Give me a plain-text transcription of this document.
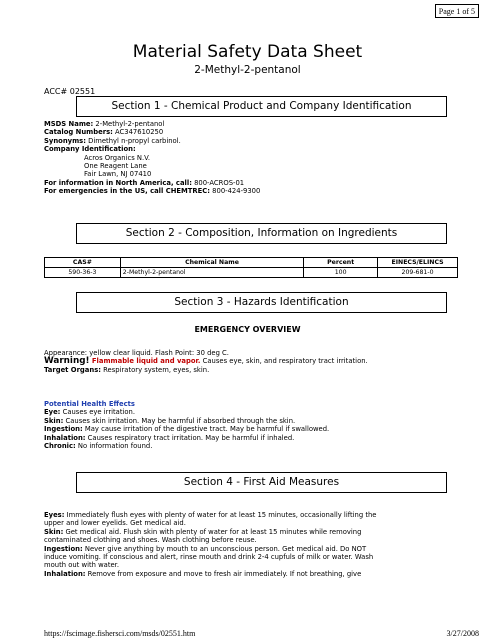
Page 1 of 5
Material Safety Data Sheet
2-Methyl-2-pentanol
ACC# 02551
Section 1 - Chemical Product and Company Identification
MSDS Name: 2-Methyl-2-pentanol
Catalog Numbers: AC347610250
Synonyms: Dimethyl n-propyl carbinol.
Company Identification:
Acros Organics N.V.
One Reagent Lane
Fair Lawn, NJ 07410
For information in North America, call: 800-ACROS-01
For emergencies in the US, call CHEMTREC: 800-424-9300
Section 2 - Composition, Information on Ingredients
CAS#	Chemical Name	Percent	EINECS/ELINCS
590-36-3	2-Methyl-2-pentanol	100	209-681-0
Section 3 - Hazards Identification
EMERGENCY OVERVIEW
Appearance: yellow clear liquid. Flash Point: 30 deg C.
Warning! Flammable liquid and vapor. Causes eye, skin, and respiratory tract irritation.
Target Organs: Respiratory system, eyes, skin.
Potential Health Effects
Eye: Causes eye irritation.
Skin: Causes skin irritation. May be harmful if absorbed through the skin.
Ingestion: May cause irritation of the digestive tract. May be harmful if swallowed.
Inhalation: Causes respiratory tract irritation. May be harmful if inhaled.
Chronic: No information found.
Section 4 - First Aid Measures
Eyes: Immediately flush eyes with plenty of water for at least 15 minutes, occasionally lifting the
upper and lower eyelids. Get medical aid.
Skin: Get medical aid. Flush skin with plenty of water for at least 15 minutes while removing
contaminated clothing and shoes. Wash clothing before reuse.
Ingestion: Never give anything by mouth to an unconscious person. Get medical aid. Do NOT
induce vomiting. If conscious and alert, rinse mouth and drink 2-4 cupfuls of milk or water. Wash
mouth out with water.
Inhalation: Remove from exposure and move to fresh air immediately. If not breathing, give
https://fscimage.fishersci.com/msds/02551.htm	3/27/2008
